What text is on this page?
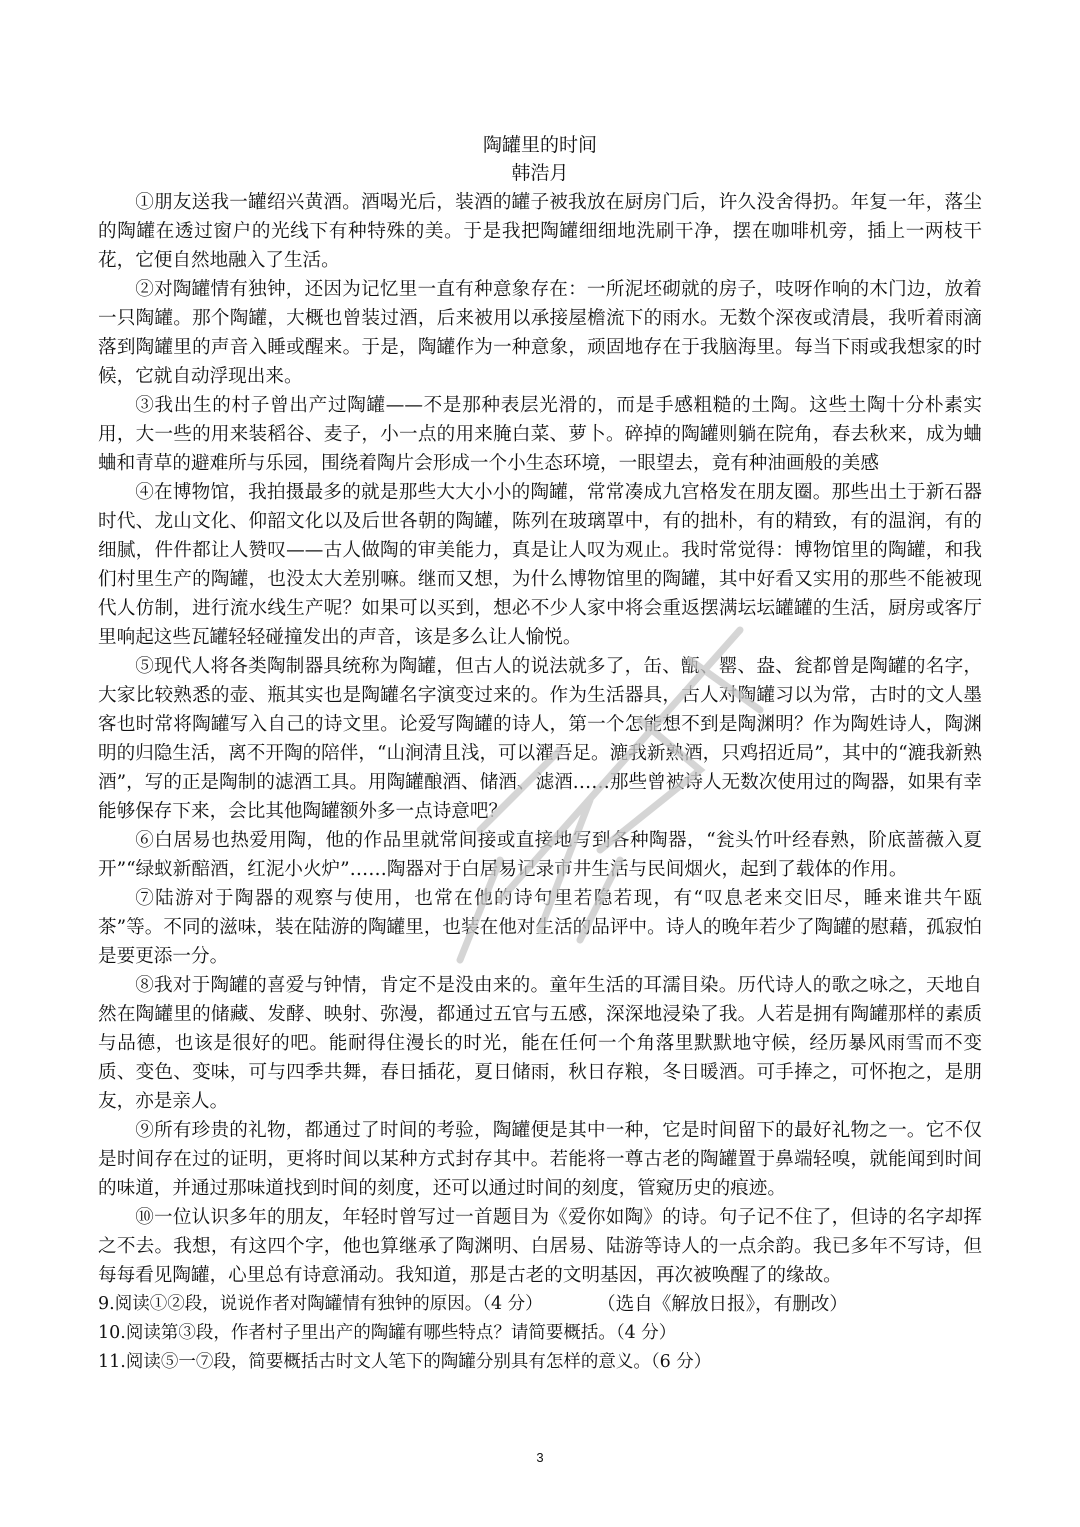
陶罐里的时间
韩浩月

①朋友送我一罐绍兴黄酒。酒喝光后，装酒的罐子被我放在厨房门后，许久没舍得扔。年复一年，落尘的陶罐在透过窗户的光线下有种特殊的美。于是我把陶罐细细地洗刷干净，摆在咖啡机旁，插上一两枝干花，它便自然地融入了生活。

②对陶罐情有独钟，还因为记忆里一直有种意象存在：一所泥坯砌就的房子，吱呀作响的木门边，放着一只陶罐。那个陶罐，大概也曾装过酒，后来被用以承接屋檐流下的雨水。无数个深夜或清晨，我听着雨滴落到陶罐里的声音入睡或醒来。于是，陶罐作为一种意象，顽固地存在于我脑海里。每当下雨或我想家的时候，它就自动浮现出来。

③我出生的村子曾出产过陶罐——不是那种表层光滑的，而是手感粗糙的土陶。这些土陶十分朴素实用，大一些的用来装稻谷、麦子，小一点的用来腌白菜、萝卜。碎掉的陶罐则躺在院角，春去秋来，成为蛐蛐和青草的避难所与乐园，围绕着陶片会形成一个小生态环境，一眼望去，竟有种油画般的美感

④在博物馆，我拍摄最多的就是那些大大小小的陶罐，常常凑成九宫格发在朋友圈。那些出土于新石器时代、龙山文化、仰韶文化以及后世各朝的陶罐，陈列在玻璃罩中，有的拙朴，有的精致，有的温润，有的细腻，件件都让人赞叹——古人做陶的审美能力，真是让人叹为观止。我时常觉得：博物馆里的陶罐，和我们村里生产的陶罐，也没太大差别嘛。继而又想，为什么博物馆里的陶罐，其中好看又实用的那些不能被现代人仿制，进行流水线生产呢？如果可以买到，想必不少人家中将会重返摆满坛坛罐罐的生活，厨房或客厅里响起这些瓦罐轻轻碰撞发出的声音，该是多么让人愉悦。

⑤现代人将各类陶制器具统称为陶罐，但古人的说法就多了，缶、甑、罂、盎、瓮都曾是陶罐的名字，大家比较熟悉的壶、瓶其实也是陶罐名字演变过来的。作为生活器具，古人对陶罐习以为常，古时的文人墨客也时常将陶罐写入自己的诗文里。论爱写陶罐的诗人，第一个怎能想不到是陶渊明？作为陶姓诗人，陶渊明的归隐生活，离不开陶的陪伴，“山涧清且浅，可以濯吾足。漉我新熟酒，只鸡招近局”，其中的“漉我新熟酒”，写的正是陶制的滤酒工具。用陶罐酿酒、储酒、滤酒……那些曾被诗人无数次使用过的陶器，如果有幸能够保存下来，会比其他陶罐额外多一点诗意吧？

⑥白居易也热爱用陶，他的作品里就常间接或直接地写到各种陶器，“瓮头竹叶经春熟，阶底蔷薇入夏开”“绿蚁新醅酒，红泥小火炉”……陶器对于白居易记录市井生活与民间烟火，起到了载体的作用。

⑦陆游对于陶器的观察与使用，也常在他的诗句里若隐若现，有“叹息老来交旧尽，睡来谁共午瓯茶”等。不同的滋味，装在陆游的陶罐里，也装在他对生活的品评中。诗人的晚年若少了陶罐的慰藉，孤寂怕是要更添一分。

⑧我对于陶罐的喜爱与钟情，肯定不是没由来的。童年生活的耳濡目染。历代诗人的歌之咏之，天地自然在陶罐里的储藏、发酵、映射、弥漫，都通过五官与五感，深深地浸染了我。人若是拥有陶罐那样的素质与品德，也该是很好的吧。能耐得住漫长的时光，能在任何一个角落里默默地守候，经历暴风雨雪而不变质、变色、变味，可与四季共舞，春日插花，夏日储雨，秋日存粮，冬日暖酒。可手捧之，可怀抱之，是朋友，亦是亲人。

⑨所有珍贵的礼物，都通过了时间的考验，陶罐便是其中一种，它是时间留下的最好礼物之一。它不仅是时间存在过的证明，更将时间以某种方式封存其中。若能将一尊古老的陶罐置于鼻端轻嗅，就能闻到时间的味道，并通过那味道找到时间的刻度，还可以通过时间的刻度，管窥历史的痕迹。

⑩一位认识多年的朋友，年轻时曾写过一首题目为《爱你如陶》的诗。句子记不住了，但诗的名字却挥之不去。我想，有这四个字，他也算继承了陶渊明、白居易、陆游等诗人的一点余韵。我已多年不写诗，但每每看见陶罐，心里总有诗意涌动。我知道，那是古老的文明基因，再次被唤醒了的缘故。

（选自《解放日报》，有删改）

9.阅读①②段，说说作者对陶罐情有独钟的原因。（4 分）

10.阅读第③段，作者村子里出产的陶罐有哪些特点？请简要概括。（4 分）

11.阅读⑤一⑦段，简要概括古时文人笔下的陶罐分别具有怎样的意义。（6 分）

3
